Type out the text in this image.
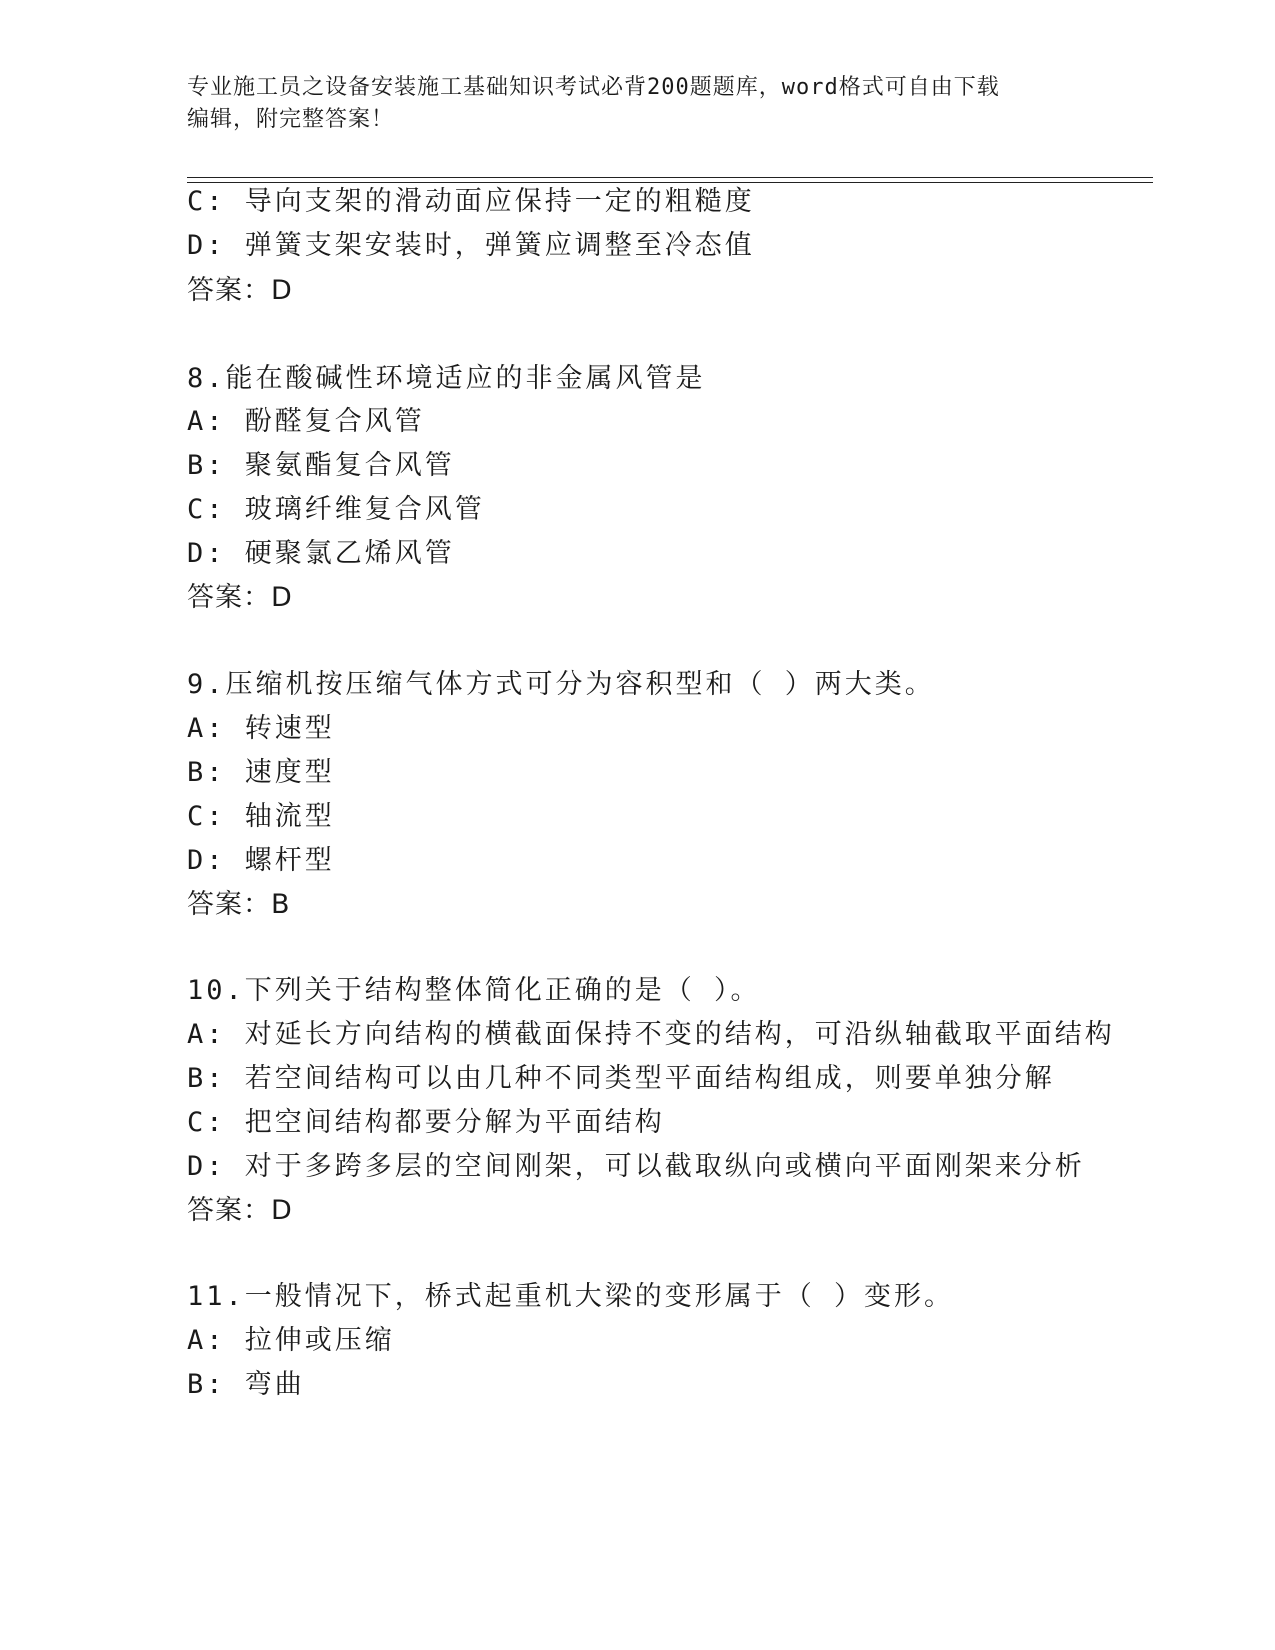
专业施工员之设备安装施工基础知识考试必背200题题库，word格式可自由下载
编辑，附完整答案！
C: 导向支架的滑动面应保持一定的粗糙度
D: 弹簧支架安装时，弹簧应调整至冷态值
答案：D
8.能在酸碱性环境适应的非金属风管是
A: 酚醛复合风管
B: 聚氨酯复合风管
C: 玻璃纤维复合风管
D: 硬聚氯乙烯风管
答案：D
9.压缩机按压缩气体方式可分为容积型和（ ）两大类。
A: 转速型
B: 速度型
C: 轴流型
D: 螺杆型
答案：B
10.下列关于结构整体简化正确的是（ ）。
A: 对延长方向结构的横截面保持不变的结构，可沿纵轴截取平面结构
B: 若空间结构可以由几种不同类型平面结构组成，则要单独分解
C: 把空间结构都要分解为平面结构
D: 对于多跨多层的空间刚架，可以截取纵向或横向平面刚架来分析
答案：D
11.一般情况下，桥式起重机大梁的变形属于（ ）变形。
A: 拉伸或压缩
B: 弯曲
